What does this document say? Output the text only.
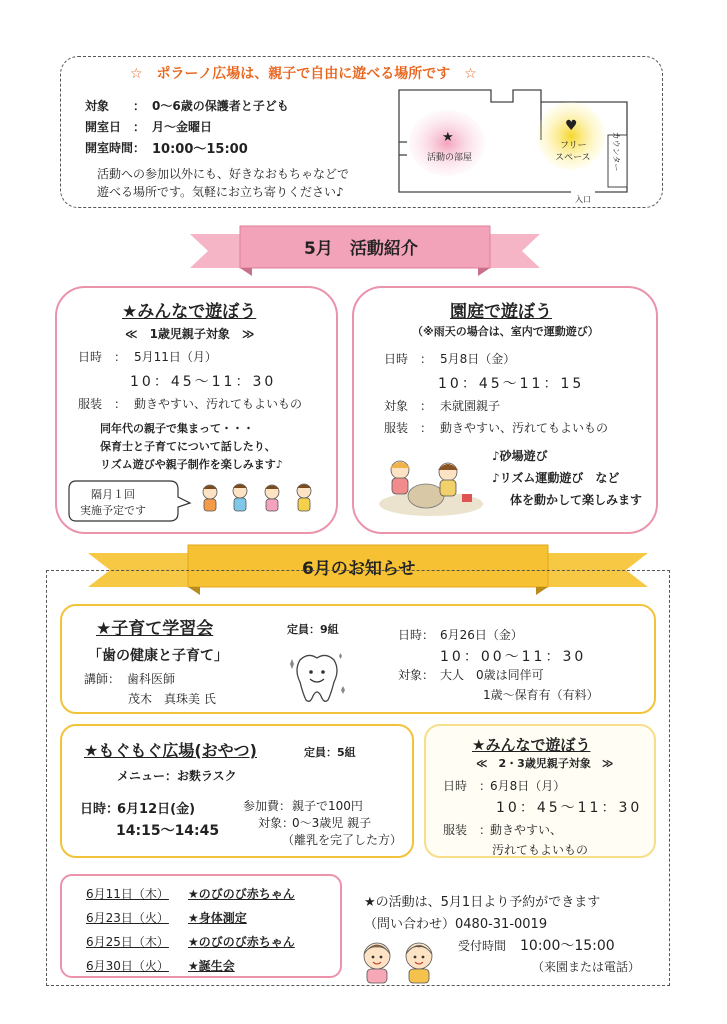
☆　ポラーノ広場は、親子で自由に遊べる場所です　☆
対象　　： 0〜6歳の保護者と子ども
開室日　： 月〜金曜日
開室時間： 10:00〜15:00
活動への参加以外にも、好きなおもちゃなどで
遊べる場所です。気軽にお立ち寄りください♪
★
活動の部屋
♥
フリー
スペース	カウンター
入口
5月　活動紹介
★みんなで遊ぼう
≪　1歳児親子対象　≫
日時　： 5月11日（月）
10：45〜11：30
服装　： 動きやすい、汚れてもよいもの
同年代の親子で集まって・・・
保育士と子育てについて話したり、
リズム遊びや親子制作を楽しみます♪
隔月１回
実施予定です
園庭で遊ぼう
（※雨天の場合は、室内で運動遊び）
日時　： 5月8日（金）
10：45〜11：15
対象　： 未就園親子
服装　： 動きやすい、汚れてもよいもの
♪砂場遊び
♪リズム運動遊び　など
体を動かして楽しみます
6月のお知らせ
★子育て学習会	定員：9組
「歯の健康と子育て」
講師： 歯科医師
茂木　真珠美 氏
日時： 6月26日（金）
10：00〜11：30
対象： 大人　0歳は同伴可
1歳〜保育有（有料）
★もぐもぐ広場(おやつ)	定員：5組
メニュー：お麩ラスク
日時：
6月12日(金)
14:15〜14:45
参加費： 親子で100円
対象：
0〜3歳児 親子
（離乳を完了した方）
★みんなで遊ぼう
≪　2・3歳児親子対象　≫
日時　：
6月8日（月）
10：45〜11：30
服装　：
動きやすい、
汚れてもよいもの
6月11日（木） ★のびのび赤ちゃん
6月23日（火） ★身体測定
6月25日（木） ★のびのび赤ちゃん
6月30日（火） ★誕生会
★の活動は、5月1日より予約ができます
（問い合わせ）0480-31-0019
受付時間 10:00〜15:00
（来園または電話）
